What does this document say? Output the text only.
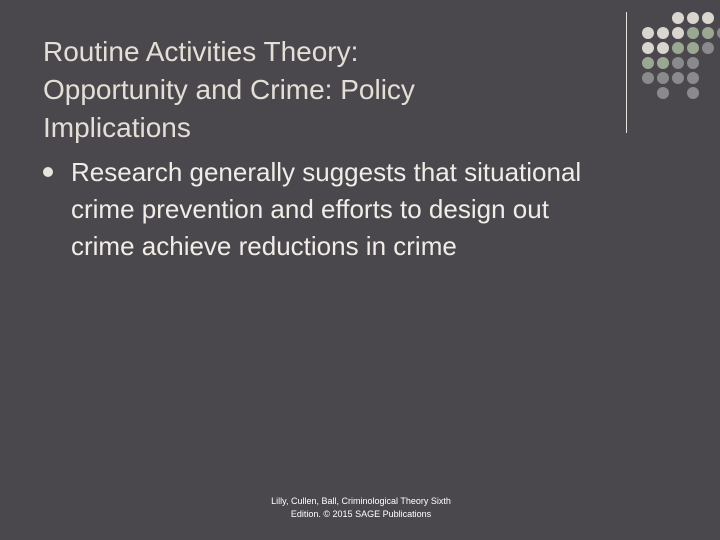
Routine Activities Theory:
Opportunity and Crime: Policy
Implications
Research generally suggests that situational
crime prevention and efforts to design out
crime achieve reductions in crime
Lilly, Cullen, Ball, Criminological Theory Sixth
Edition. © 2015 SAGE Publications
